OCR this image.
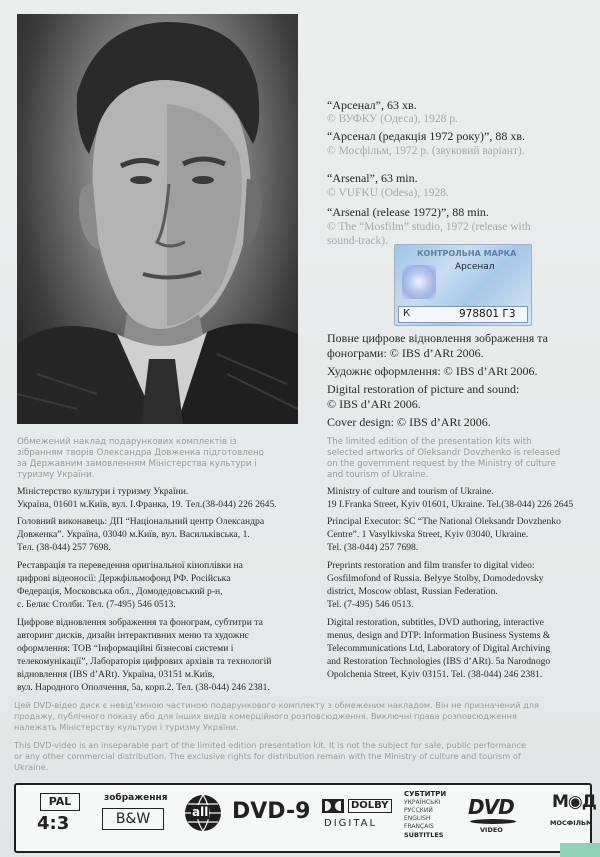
“Арсенал”, 63 хв.
© ВУФКУ (Одеса), 1928 р.
“Арсенал (редакція 1972 року)”, 88 хв.
© Мосфільм, 1972 р. (звуковий варіант).
“Arsenal”, 63 min.
© VUFKU (Odesa), 1928.
“Arsenal (release 1972)”, 88 min.
© The “Mosfilm” studio, 1972 (release with
sound-track).
КОНТРОЛЬНА МАРКА
Арсенал
К	978801 Г3
Повне цифрове відновлення зображення та
фонограми: © IBS d’ARt 2006.
Художнє оформлення: © IBS d’ARt 2006.
Digital restoration of picture and sound:
© IBS d’ARt 2006.
Cover design: © IBS d’ARt 2006.
Обмежений наклад подарункових комплектів із
зібранням творів Олександра Довженка підготовлено
за Державним замовленням Міністерства культури і
туризму України.
The limited edition of the presentation kits with
selected artworks of Oleksandr Dovzhenko is released
on the government request by the Ministry of culture
and tourism of Ukraine.
Міністерство культури і туризму України.
Україна, 01601 м.Київ, вул. І.Франка, 19. Тел.(38-044) 226 2645.
Головний виконавець: ДП “Національний центр Олександра
Довженка”. Україна, 03040 м.Київ, вул. Васильківська, 1.
Тел. (38-044) 257 7698.
Реставрація та переведення оригінальної кіноплівки на
цифрові відеоносії: Держфільмофонд РФ. Російська
Федерація, Московська обл., Домодедовський р-н,
с. Белиє Столби. Тел. (7-495) 546 0513.
Цифрове відновлення зображення та фонограм, субтитри та
авторинг дисків, дизайн інтерактивних меню та художнє
оформлення: ТОВ “Інформаційні бізнесові системи і
телекомунікації”, Лабораторія цифрових архівів та технологій
відновлення (IBS d’ARt). Україна, 03151 м.Київ,
вул. Народного Ополчення, 5а, корп.2. Тел. (38-044) 246 2381.
Ministry of culture and tourism of Ukraine.
19 I.Franka Street, Kyiv 01601, Ukraine. Tel.(38-044) 226 2645
Principal Executor: SC “The National Oleksandr Dovzhenko
Centre”. 1 Vasylkivska Street, Kyiv 03040, Ukraine.
Tel. (38-044) 257 7698.
Preprints restoration and film transfer to digital video:
Gosfilmofond of Russia. Belyye Stolby, Domodedovsky
district, Moscow oblast, Russian Federation.
Tel. (7-495) 546 0513.
Digital restoration, subtitles, DVD authoring, interactive
menus, design and DTP: Information Business Systems &
Telecommunications Ltd, Laboratory of Digital Archiving
and Restoration Technologies (IBS d’ARt). 5a Narodnogo
Opolchenia Street, Kyiv 03151. Tel. (38-044) 246 2381.
Цей DVD-відео диск є невід’ємною частиною подарункового комплекту з обмеженим накладом. Він не призначений для
продажу, публічного показу або для інших видів комерційного розповсюдження. Виключні права розповсюдження
належать Міністерству культури і туризму України.
This DVD-video is an inseparable part of the limited edition presentation kit. It is not the subject for sale, public performance
or any other commercial distribution. The exclusive rights for distribution remain with the Ministry of culture and tourism of
Ukraine.
PAL
4:3
зображення
B&W	all DVD-9	DOLBY
DIGITAL
СУБТИТРИ
УКРАЇНСЬКІ
РУССКИЙ
ENGLISH
FRANÇAIS
SUBTITLES
DVD
VIDEO
М◉Д
МОСФІЛЬМ
